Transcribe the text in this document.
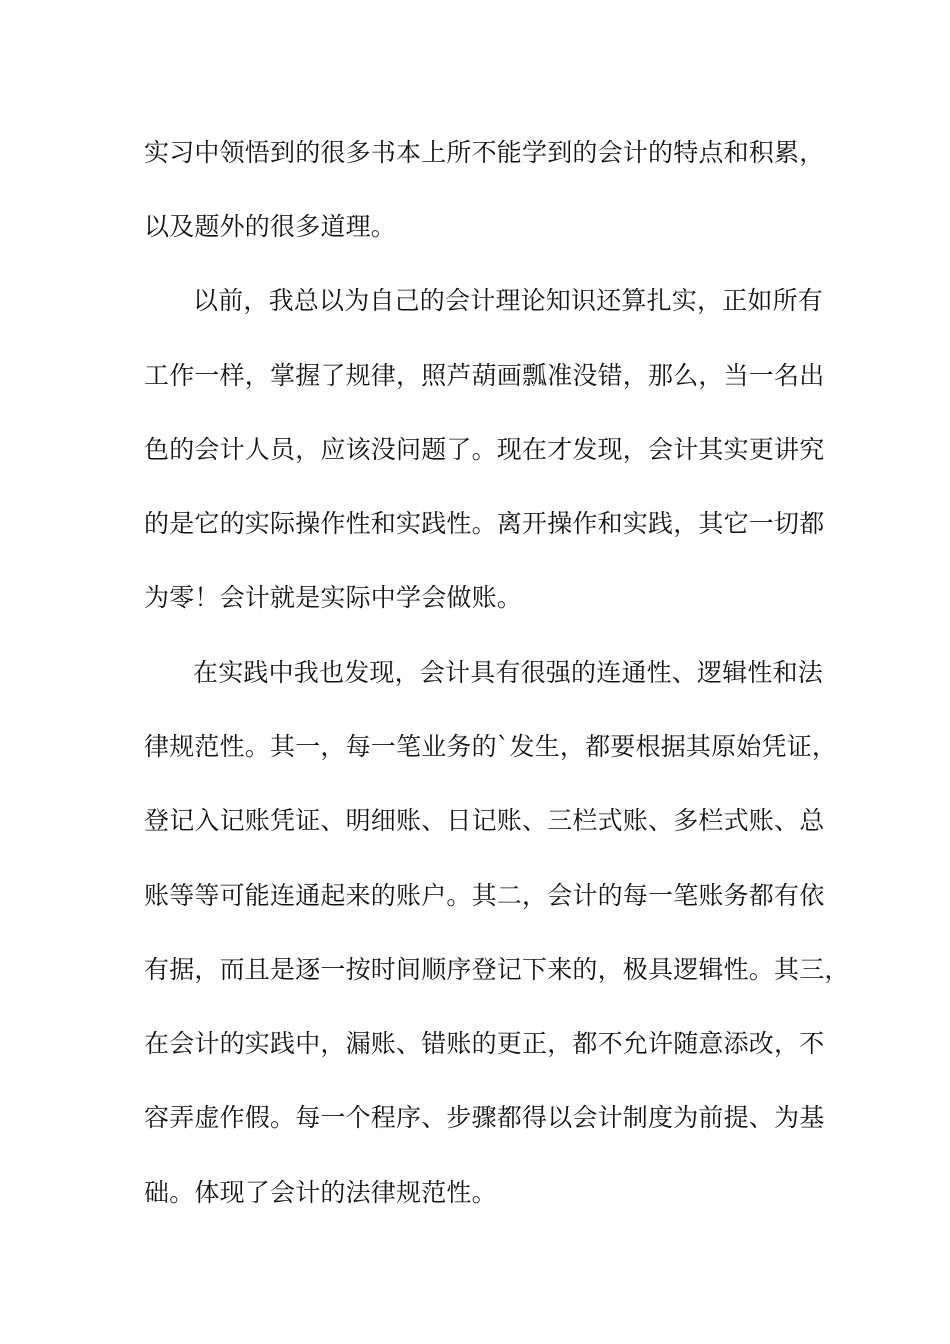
实习中领悟到的很多书本上所不能学到的会计的特点和积累，
以及题外的很多道理。
以前，我总以为自己的会计理论知识还算扎实，正如所有
工作一样，掌握了规律，照芦葫画瓢准没错，那么，当一名出
色的会计人员，应该没问题了。现在才发现，会计其实更讲究
的是它的实际操作性和实践性。离开操作和实践，其它一切都
为零！会计就是实际中学会做账。
在实践中我也发现，会计具有很强的连通性、逻辑性和法
律规范性。其一，每一笔业务的`发生，都要根据其原始凭证，
登记入记账凭证、明细账、日记账、三栏式账、多栏式账、总
账等等可能连通起来的账户。其二，会计的每一笔账务都有依
有据，而且是逐一按时间顺序登记下来的，极具逻辑性。其三，
在会计的实践中，漏账、错账的更正，都不允许随意添改，不
容弄虚作假。每一个程序、步骤都得以会计制度为前提、为基
础。体现了会计的法律规范性。
